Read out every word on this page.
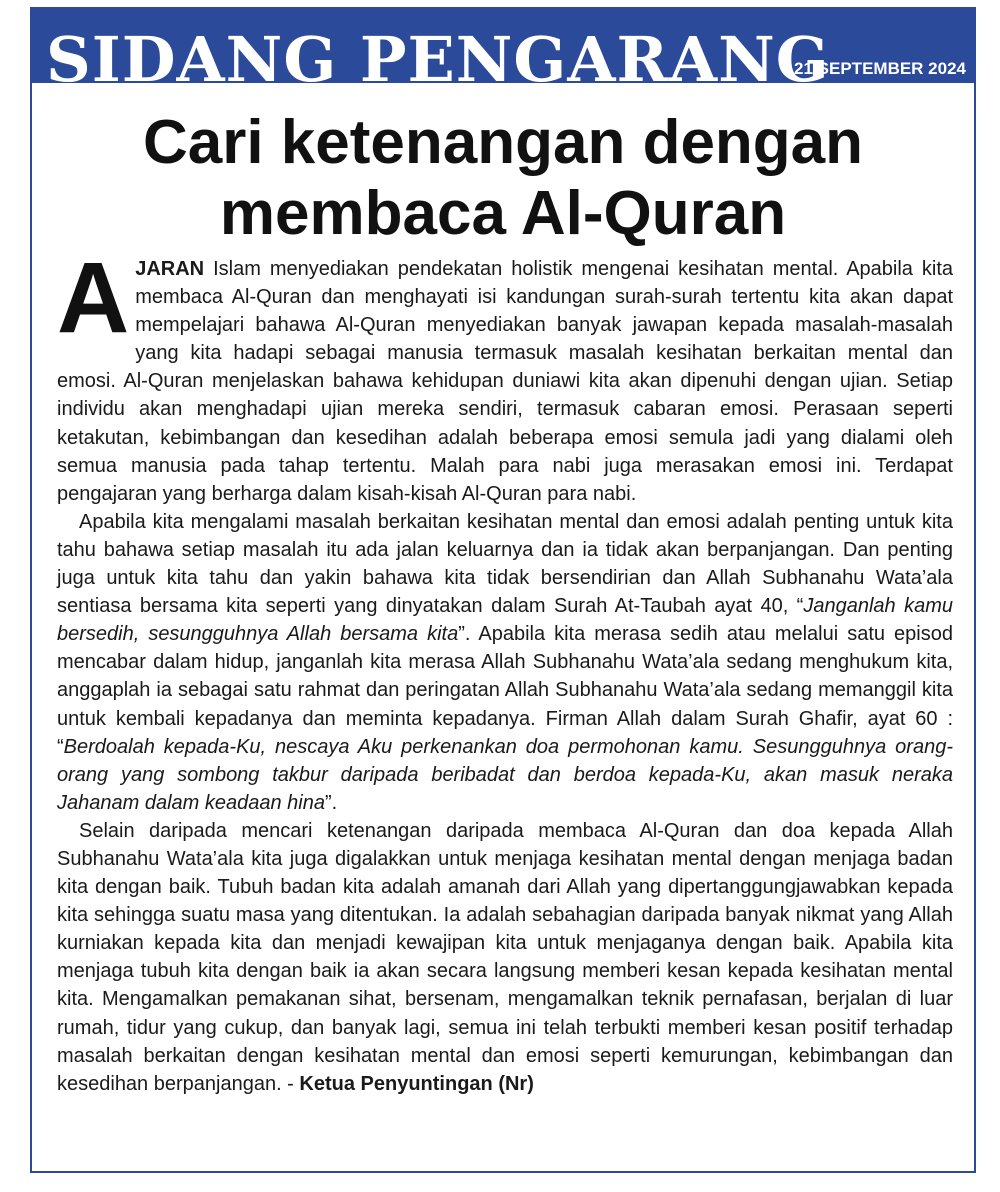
SIDANG PENGARANG
21 SEPTEMBER 2024
Cari ketenangan dengan
membaca Al-Quran

AJARAN Islam menyediakan pendekatan holistik mengenai kesihatan mental. Apabila kita membaca Al-Quran dan menghayati isi kandungan surah-surah tertentu kita akan dapat mempelajari bahawa Al-Quran menyediakan banyak jawapan kepada masalah-masalah yang kita hadapi sebagai manusia termasuk masalah kesihatan berkaitan mental dan emosi. Al-Quran menjelaskan bahawa kehidupan duniawi kita akan dipenuhi dengan ujian. Setiap individu akan menghadapi ujian mereka sendiri, termasuk cabaran emosi. Perasaan seperti ketakutan, kebimbangan dan kesedihan adalah beberapa emosi semula jadi yang dialami oleh semua manusia pada tahap tertentu. Malah para nabi juga merasakan emosi ini. Terdapat pengajaran yang berharga dalam kisah-kisah Al-Quran para nabi.

Apabila kita mengalami masalah berkaitan kesihatan mental dan emosi adalah penting untuk kita tahu bahawa setiap masalah itu ada jalan keluarnya dan ia tidak akan berpanjangan. Dan penting juga untuk kita tahu dan yakin bahawa kita tidak bersendirian dan Allah Subhanahu Wata’ala sentiasa bersama kita seperti yang dinyatakan dalam Surah At-Taubah ayat 40, “Janganlah kamu bersedih, sesungguhnya Allah bersama kita”. Apabila kita merasa sedih atau melalui satu episod mencabar dalam hidup, janganlah kita merasa Allah Subhanahu Wata’ala sedang menghukum kita, anggaplah ia sebagai satu rahmat dan peringatan Allah Subhanahu Wata’ala sedang memanggil kita untuk kembali kepadanya dan meminta kepadanya. Firman Allah dalam Surah Ghafir, ayat 60 : “Berdoalah kepada-Ku, nescaya Aku perkenankan doa permohonan kamu. Sesungguhnya orang-orang yang sombong takbur daripada beribadat dan berdoa kepada-Ku, akan masuk neraka Jahanam dalam keadaan hina”.

Selain daripada mencari ketenangan daripada membaca Al-Quran dan doa kepada Allah Subhanahu Wata’ala kita juga digalakkan untuk menjaga kesihatan mental dengan menjaga badan kita dengan baik. Tubuh badan kita adalah amanah dari Allah yang dipertanggungjawabkan kepada kita sehingga suatu masa yang ditentukan. Ia adalah sebahagian daripada banyak nikmat yang Allah kurniakan kepada kita dan menjadi kewajipan kita untuk menjaganya dengan baik. Apabila kita menjaga tubuh kita dengan baik ia akan secara langsung memberi kesan kepada kesihatan mental kita. Mengamalkan pemakanan sihat, bersenam, mengamalkan teknik pernafasan, berjalan di luar rumah, tidur yang cukup, dan banyak lagi, semua ini telah terbukti memberi kesan positif terhadap masalah berkaitan dengan kesihatan mental dan emosi seperti kemurungan, kebimbangan dan kesedihan berpanjangan. - Ketua Penyuntingan (Nr)
